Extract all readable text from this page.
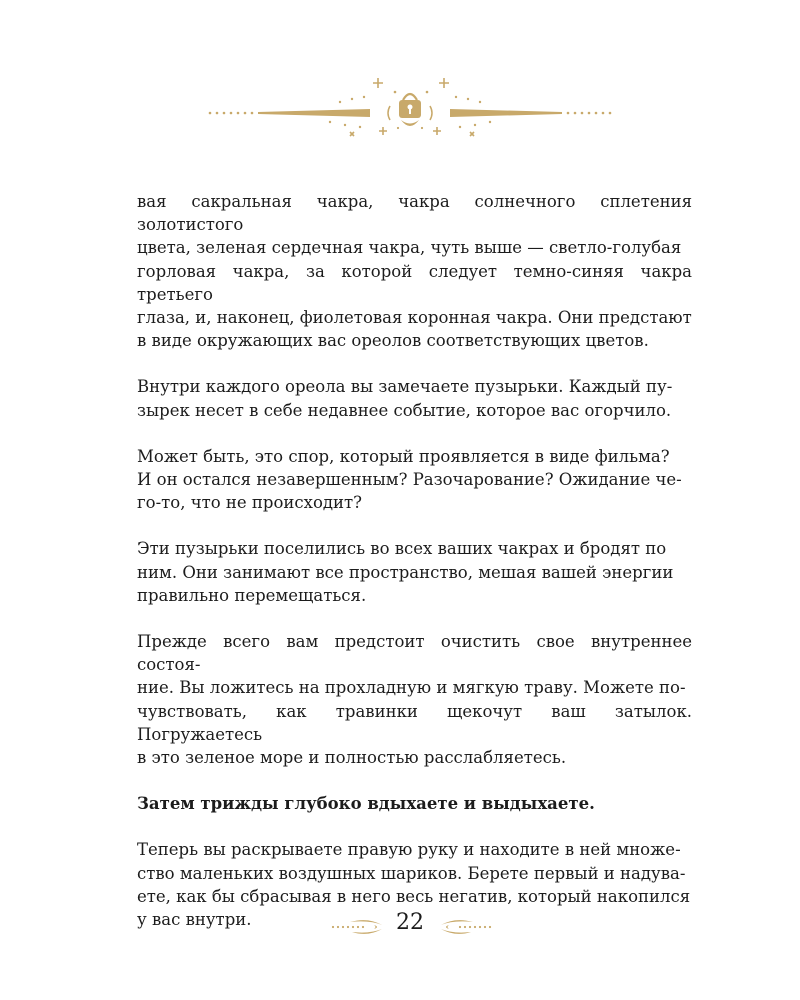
вая сакральная чакра, чакра солнечного сплетения золотистого
цвета, зеленая сердечная чакра, чуть выше — светло-голубая
горловая чакра, за которой следует темно-синяя чакра третьего
глаза, и, наконец, фиолетовая коронная чакра. Они предстают
в виде окружающих вас ореолов соответствующих цветов.

Внутри каждого ореола вы замечаете пузырьки. Каждый пу-
зырек несет в себе недавнее событие, которое вас огорчило.

Может быть, это спор, который проявляется в виде фильма?
И он остался незавершенным? Разочарование? Ожидание че-
го-то, что не происходит?

Эти пузырьки поселились во всех ваших чакрах и бродят по
ним. Они занимают все пространство, мешая вашей энергии
правильно перемещаться.

Прежде всего вам предстоит очистить свое внутреннее состоя-
ние. Вы ложитесь на прохладную и мягкую траву. Можете по-
чувствовать, как травинки щекочут ваш затылок. Погружаетесь
в это зеленое море и полностью расслабляетесь.

Затем трижды глубоко вдыхаете и выдыхаете.

Теперь вы раскрываете правую руку и находите в ней множе-
ство маленьких воздушных шариков. Берете первый и надува-
ете, как бы сбрасывая в него весь негатив, который накопился
у вас внутри.	22
